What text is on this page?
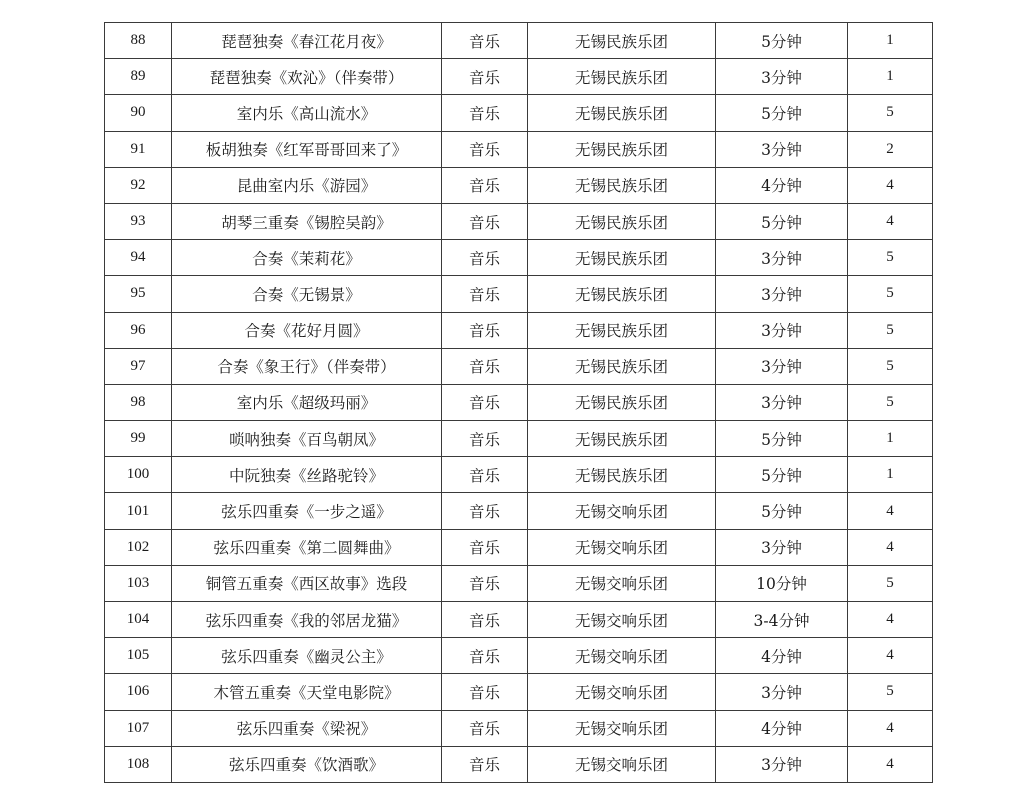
88	琵琶独奏《春江花月夜》	音乐	无锡民族乐团	5分钟	1
89	琵琶独奏《欢沁》（伴奏带）	音乐	无锡民族乐团	3分钟	1
90	室内乐《高山流水》	音乐	无锡民族乐团	5分钟	5
91	板胡独奏《红军哥哥回来了》	音乐	无锡民族乐团	3分钟	2
92	昆曲室内乐《游园》	音乐	无锡民族乐团	4分钟	4
93	胡琴三重奏《锡腔吴韵》	音乐	无锡民族乐团	5分钟	4
94	合奏《茉莉花》	音乐	无锡民族乐团	3分钟	5
95	合奏《无锡景》	音乐	无锡民族乐团	3分钟	5
96	合奏《花好月圆》	音乐	无锡民族乐团	3分钟	5
97	合奏《象王行》（伴奏带）	音乐	无锡民族乐团	3分钟	5
98	室内乐《超级玛丽》	音乐	无锡民族乐团	3分钟	5
99	唢呐独奏《百鸟朝凤》	音乐	无锡民族乐团	5分钟	1
100	中阮独奏《丝路驼铃》	音乐	无锡民族乐团	5分钟	1
101	弦乐四重奏《一步之遥》	音乐	无锡交响乐团	5分钟	4
102	弦乐四重奏《第二圆舞曲》	音乐	无锡交响乐团	3分钟	4
103	铜管五重奏《西区故事》选段	音乐	无锡交响乐团	10分钟	5
104	弦乐四重奏《我的邻居龙猫》	音乐	无锡交响乐团	3-4分钟	4
105	弦乐四重奏《幽灵公主》	音乐	无锡交响乐团	4分钟	4
106	木管五重奏《天堂电影院》	音乐	无锡交响乐团	3分钟	5
107	弦乐四重奏《梁祝》	音乐	无锡交响乐团	4分钟	4
108	弦乐四重奏《饮酒歌》	音乐	无锡交响乐团	3分钟	4
